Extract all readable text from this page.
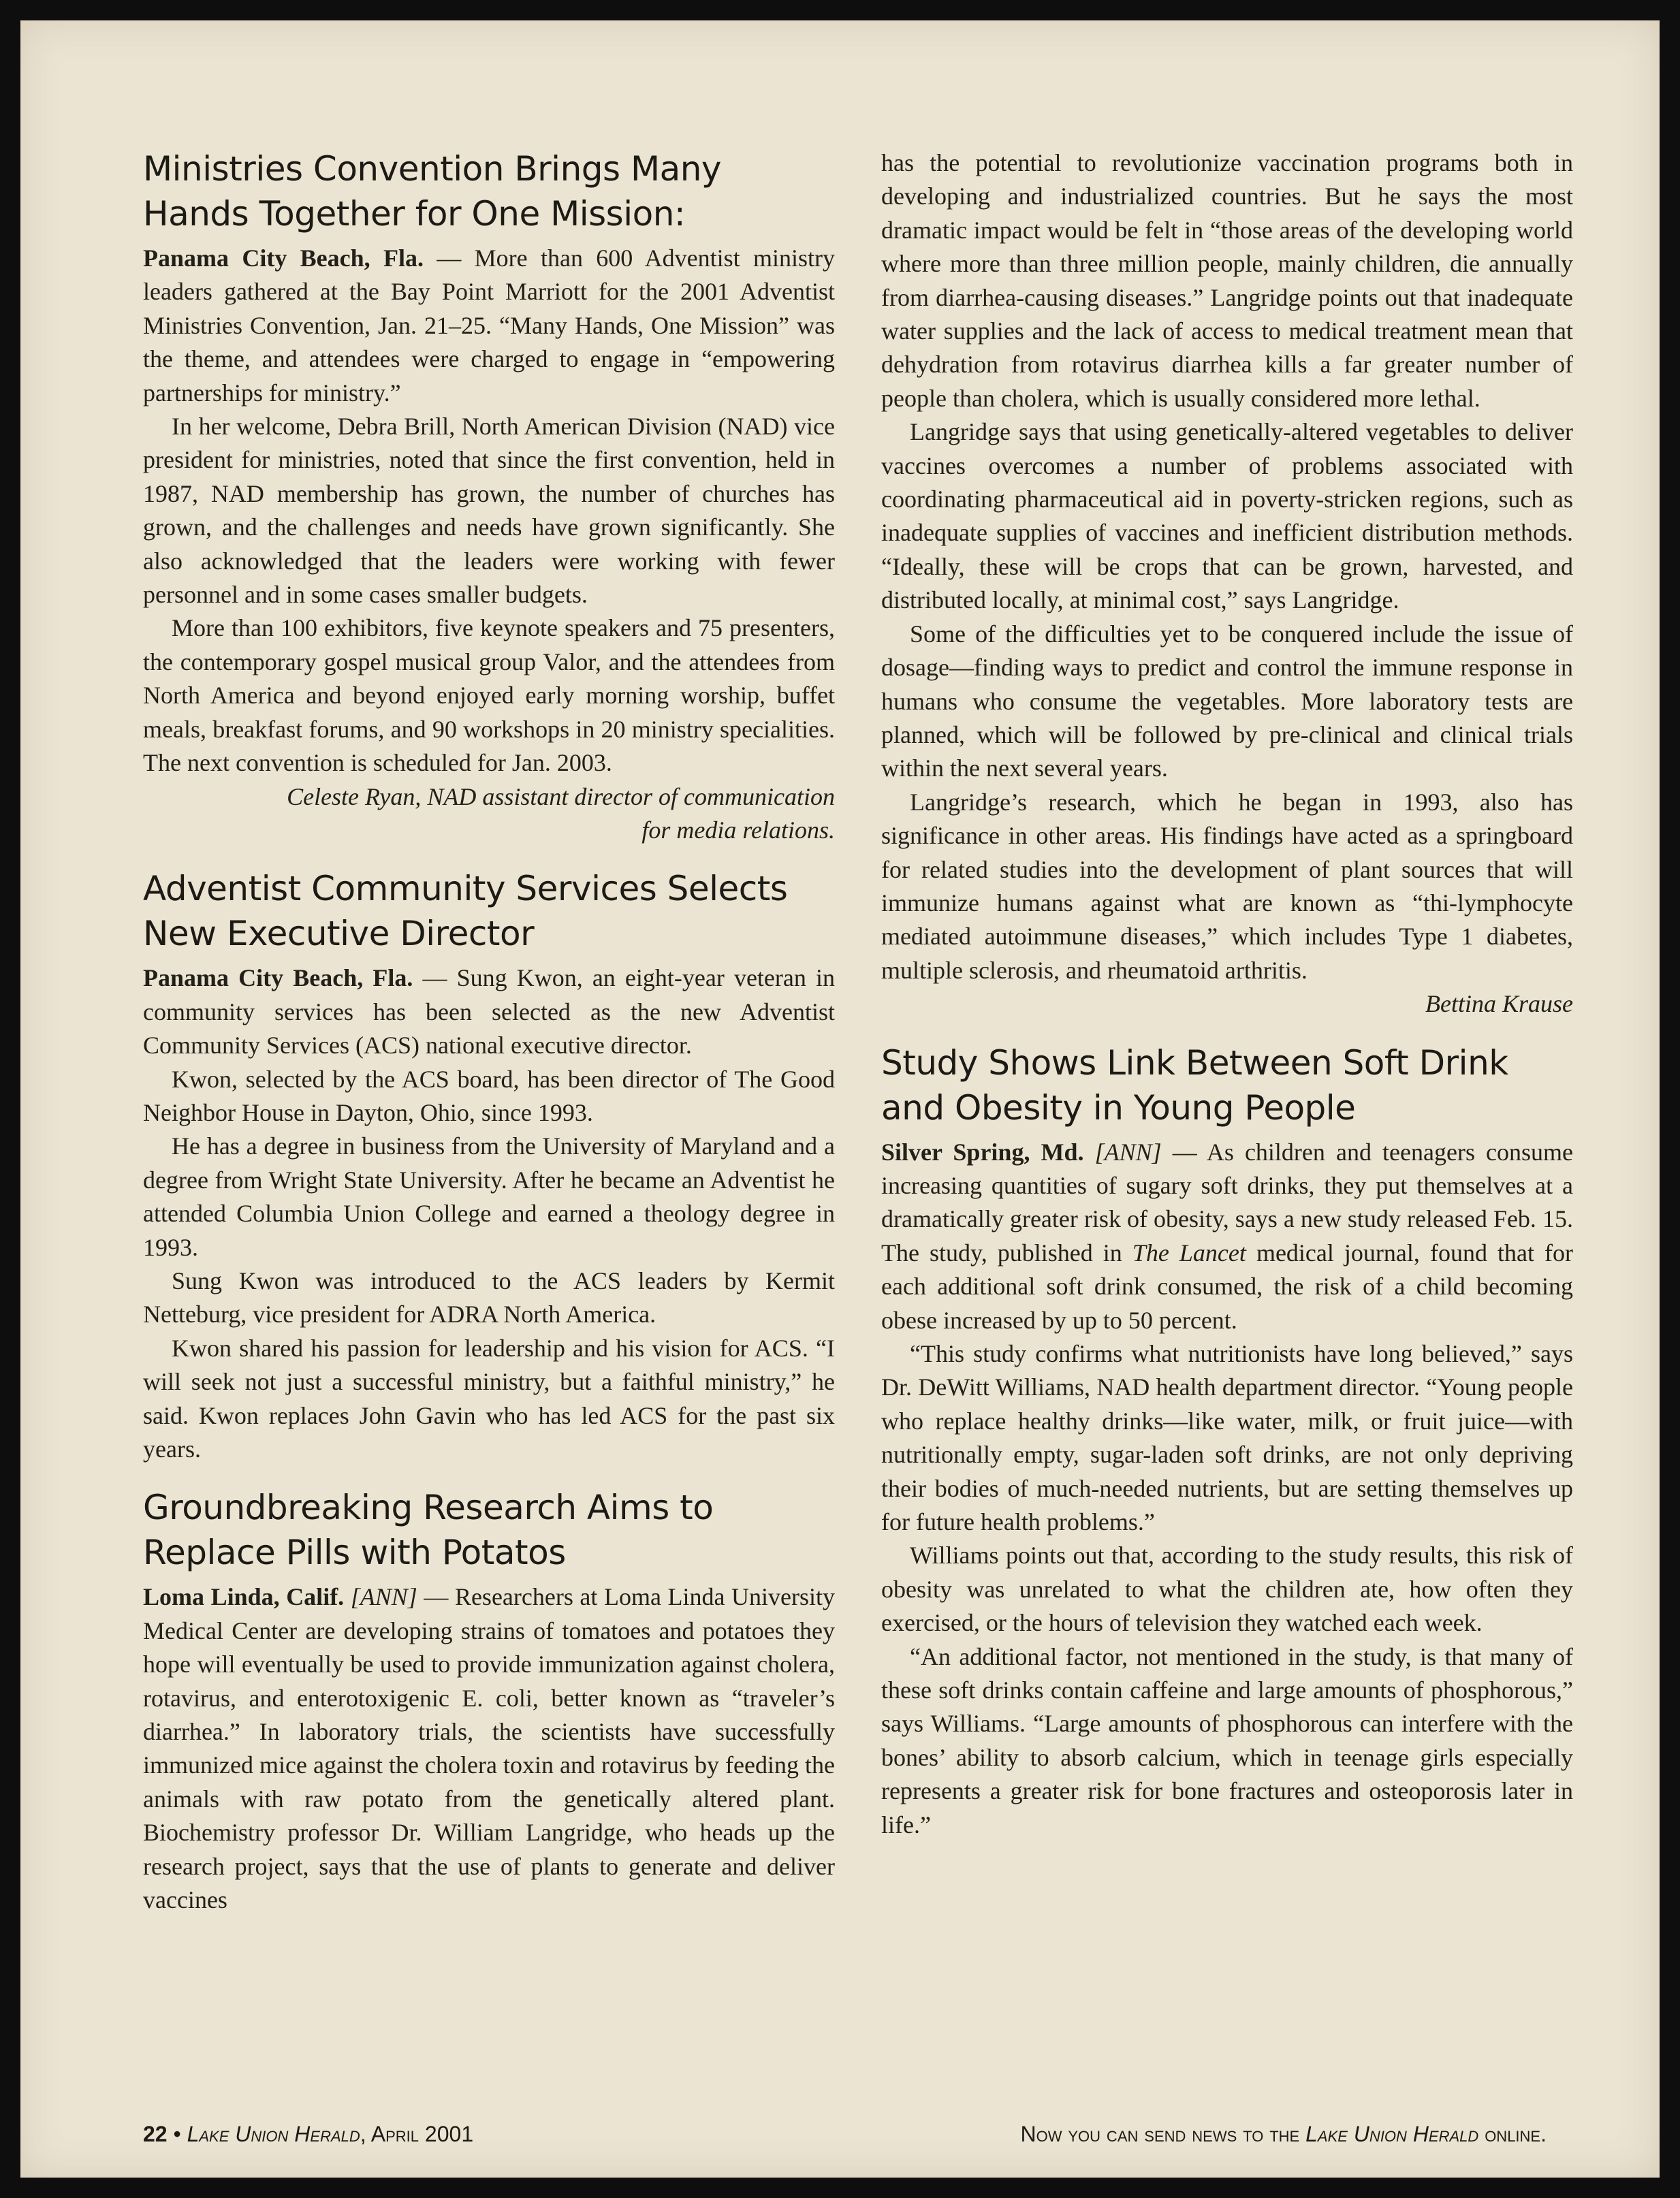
Ministries Convention Brings Many Hands Together for One Mission:

Panama City Beach, Fla. — More than 600 Adventist ministry leaders gathered at the Bay Point Marriott for the 2001 Adventist Ministries Convention, Jan. 21–25. “Many Hands, One Mission” was the theme, and attendees were charged to engage in “empowering partnerships for ministry.”

In her welcome, Debra Brill, North American Division (NAD) vice president for ministries, noted that since the first convention, held in 1987, NAD membership has grown, the number of churches has grown, and the challenges and needs have grown significantly. She also acknowledged that the leaders were working with fewer personnel and in some cases smaller budgets.

More than 100 exhibitors, five keynote speakers and 75 presenters, the contemporary gospel musical group Valor, and the attendees from North America and beyond enjoyed early morning worship, buffet meals, breakfast forums, and 90 workshops in 20 ministry specialities. The next convention is scheduled for Jan. 2003.

Celeste Ryan, NAD assistant director of communication
for media relations.

Adventist Community Services Selects New Executive Director

Panama City Beach, Fla. — Sung Kwon, an eight-year veteran in community services has been selected as the new Adventist Community Services (ACS) national executive director.

Kwon, selected by the ACS board, has been director of The Good Neighbor House in Dayton, Ohio, since 1993.

He has a degree in business from the University of Maryland and a degree from Wright State University. After he became an Adventist he attended Columbia Union College and earned a theology degree in 1993.

Sung Kwon was introduced to the ACS leaders by Kermit Netteburg, vice president for ADRA North America.

Kwon shared his passion for leadership and his vision for ACS. “I will seek not just a successful ministry, but a faithful ministry,” he said. Kwon replaces John Gavin who has led ACS for the past six years.

Groundbreaking Research Aims to Replace Pills with Potatos

Loma Linda, Calif. [ANN] — Researchers at Loma Linda University Medical Center are developing strains of tomatoes and potatoes they hope will eventually be used to provide immunization against cholera, rotavirus, and enterotoxigenic E. coli, better known as “traveler’s diarrhea.” In laboratory trials, the scientists have successfully immunized mice against the cholera toxin and rotavirus by feeding the animals with raw potato from the genetically altered plant. Biochemistry professor Dr. William Langridge, who heads up the research project, says that the use of plants to generate and deliver vaccines

has the potential to revolutionize vaccination programs both in developing and industrialized countries. But he says the most dramatic impact would be felt in “those areas of the developing world where more than three million people, mainly children, die annually from diarrhea-causing diseases.” Langridge points out that inadequate water supplies and the lack of access to medical treatment mean that dehydration from rotavirus diarrhea kills a far greater number of people than cholera, which is usually considered more lethal.

Langridge says that using genetically-altered vegetables to deliver vaccines overcomes a number of problems associated with coordinating pharmaceutical aid in poverty-stricken regions, such as inadequate supplies of vaccines and inefficient distribution methods. “Ideally, these will be crops that can be grown, harvested, and distributed locally, at minimal cost,” says Langridge.

Some of the difficulties yet to be conquered include the issue of dosage—finding ways to predict and control the immune response in humans who consume the vegetables. More laboratory tests are planned, which will be followed by pre-clinical and clinical trials within the next several years.

Langridge’s research, which he began in 1993, also has significance in other areas. His findings have acted as a springboard for related studies into the development of plant sources that will immunize humans against what are known as “thi-lymphocyte mediated autoimmune diseases,” which includes Type 1 diabetes, multiple sclerosis, and rheumatoid arthritis.

Bettina Krause

Study Shows Link Between Soft Drink and Obesity in Young People

Silver Spring, Md. [ANN] — As children and teenagers consume increasing quantities of sugary soft drinks, they put themselves at a dramatically greater risk of obesity, says a new study released Feb. 15. The study, published in The Lancet medical journal, found that for each additional soft drink consumed, the risk of a child becoming obese increased by up to 50 percent.

“This study confirms what nutritionists have long believed,” says Dr. DeWitt Williams, NAD health department director. “Young people who replace healthy drinks—like water, milk, or fruit juice—with nutritionally empty, sugar-laden soft drinks, are not only depriving their bodies of much-needed nutrients, but are setting themselves up for future health problems.”

Williams points out that, according to the study results, this risk of obesity was unrelated to what the children ate, how often they exercised, or the hours of television they watched each week.

“An additional factor, not mentioned in the study, is that many of these soft drinks contain caffeine and large amounts of phosphorous,” says Williams. “Large amounts of phosphorous can interfere with the bones’ ability to absorb calcium, which in teenage girls especially represents a greater risk for bone fractures and osteoporosis later in life.”

22 • Lake Union Herald, April 2001	Now you can send news to the Lake Union Herald online.
